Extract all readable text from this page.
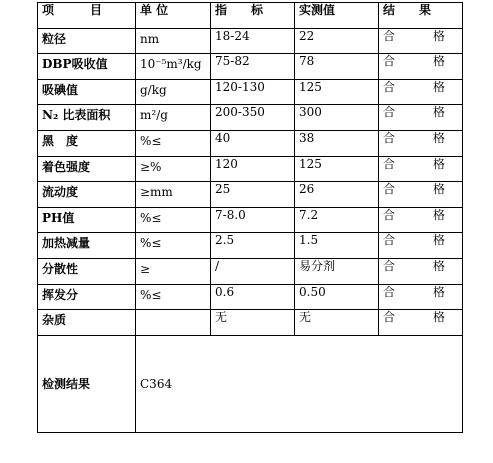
项　　　目	单 位	指　　标	实测值	结　　果
粒径	nm	18-24	22	合 格
DBP吸收值	10⁻⁵m³/kg	75-82	78	合 格
吸碘值	g/kg	120-130	125	合 格
N₂ 比表面积	m²/g	200-350	300	合 格
黑　度	%≤	40	38	合 格
着色强度	≥%	120	125	合 格
流动度	≥mm	25	26	合 格
PH值	%≤	7-8.0	7.2	合 格
加热减量	%≤	2.5	1.5	合 格
分散性	≥	/	易分剂	合 格
挥发分	%≤	0.6	0.50	合 格
杂质		无	无	合 格
检测结果	C364			
